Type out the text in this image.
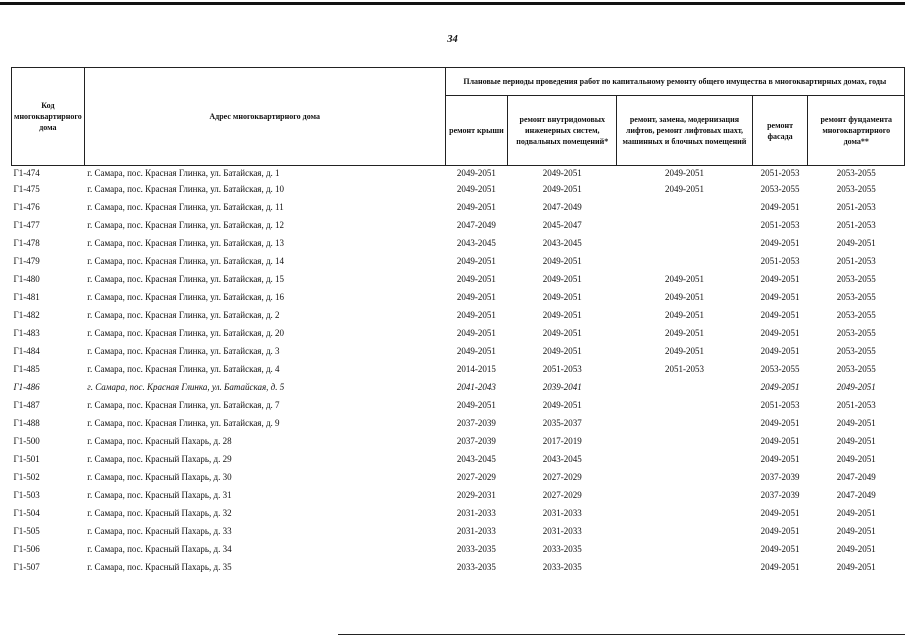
34
Код многоквартирного дома	Адрес многоквартирного дома	Плановые периоды проведения работ по капитальному ремонту общего имущества в многоквартирных домах, годы				
		ремонт крыши	ремонт внутридомовых инженерных систем, подвальных помещений*	ремонт, замена, модернизация лифтов, ремонт лифтовых шахт, машинных и блочных помещений	ремонт фасада	ремонт фундамента многоквартирного дома**
Г1-474	г. Самара, пос. Красная Глинка, ул. Батайская, д. 1	2049-2051	2049-2051	2049-2051	2051-2053	2053-2055
Г1-475	г. Самара, пос. Красная Глинка, ул. Батайская, д. 10	2049-2051	2049-2051	2049-2051	2053-2055	2053-2055
Г1-476	г. Самара, пос. Красная Глинка, ул. Батайская, д. 11	2049-2051	2047-2049		2049-2051	2051-2053
Г1-477	г. Самара, пос. Красная Глинка, ул. Батайская, д. 12	2047-2049	2045-2047		2051-2053	2051-2053
Г1-478	г. Самара, пос. Красная Глинка, ул. Батайская, д. 13	2043-2045	2043-2045		2049-2051	2049-2051
Г1-479	г. Самара, пос. Красная Глинка, ул. Батайская, д. 14	2049-2051	2049-2051		2051-2053	2051-2053
Г1-480	г. Самара, пос. Красная Глинка, ул. Батайская, д. 15	2049-2051	2049-2051	2049-2051	2049-2051	2053-2055
Г1-481	г. Самара, пос. Красная Глинка, ул. Батайская, д. 16	2049-2051	2049-2051	2049-2051	2049-2051	2053-2055
Г1-482	г. Самара, пос. Красная Глинка, ул. Батайская, д. 2	2049-2051	2049-2051	2049-2051	2049-2051	2053-2055
Г1-483	г. Самара, пос. Красная Глинка, ул. Батайская, д. 20	2049-2051	2049-2051	2049-2051	2049-2051	2053-2055
Г1-484	г. Самара, пос. Красная Глинка, ул. Батайская, д. 3	2049-2051	2049-2051	2049-2051	2049-2051	2053-2055
Г1-485	г. Самара, пос. Красная Глинка, ул. Батайская, д. 4	2014-2015	2051-2053	2051-2053	2053-2055	2053-2055
Г1-486	г. Самара, пос. Красная Глинка, ул. Батайская, д. 5	2041-2043	2039-2041		2049-2051	2049-2051
Г1-487	г. Самара, пос. Красная Глинка, ул. Батайская, д. 7	2049-2051	2049-2051		2051-2053	2051-2053
Г1-488	г. Самара, пос. Красная Глинка, ул. Батайская, д. 9	2037-2039	2035-2037		2049-2051	2049-2051
Г1-500	г. Самара, пос. Красный Пахарь, д. 28	2037-2039	2017-2019		2049-2051	2049-2051
Г1-501	г. Самара, пос. Красный Пахарь, д. 29	2043-2045	2043-2045		2049-2051	2049-2051
Г1-502	г. Самара, пос. Красный Пахарь, д. 30	2027-2029	2027-2029		2037-2039	2047-2049
Г1-503	г. Самара, пос. Красный Пахарь, д. 31	2029-2031	2027-2029		2037-2039	2047-2049
Г1-504	г. Самара, пос. Красный Пахарь, д. 32	2031-2033	2031-2033		2049-2051	2049-2051
Г1-505	г. Самара, пос. Красный Пахарь, д. 33	2031-2033	2031-2033		2049-2051	2049-2051
Г1-506	г. Самара, пос. Красный Пахарь, д. 34	2033-2035	2033-2035		2049-2051	2049-2051
Г1-507	г. Самара, пос. Красный Пахарь, д. 35	2033-2035	2033-2035		2049-2051	2049-2051
